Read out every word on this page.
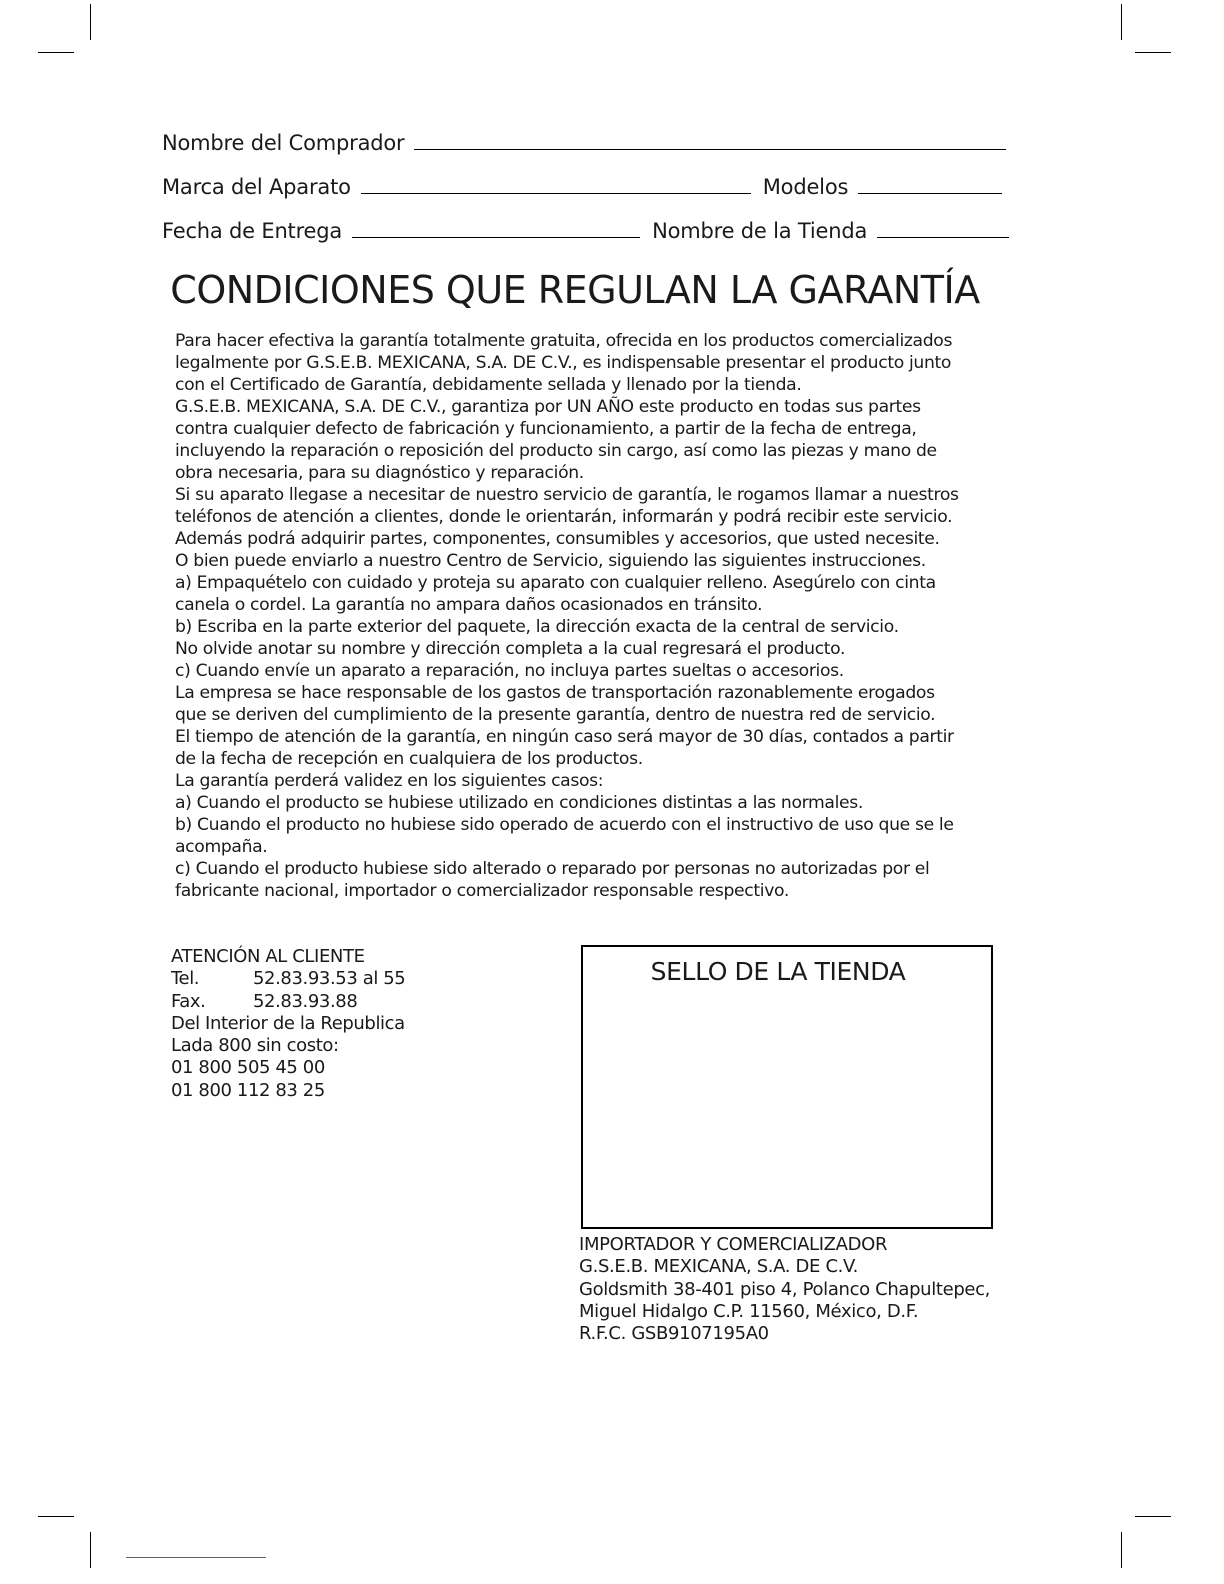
Nombre del Comprador
Marca del Aparato	Modelos
Fecha de Entrega	Nombre de la Tienda
CONDICIONES QUE REGULAN LA GARANTÍA
Para hacer efectiva la garantía totalmente gratuita, ofrecida en los productos comercializados
legalmente por G.S.E.B. MEXICANA, S.A. DE C.V., es indispensable presentar el producto junto
con el Certificado de Garantía, debidamente sellada y llenado por la tienda.
G.S.E.B. MEXICANA, S.A. DE C.V., garantiza por UN AÑO este producto en todas sus partes
contra cualquier defecto de fabricación y funcionamiento, a partir de la fecha de entrega,
incluyendo la reparación o reposición del producto sin cargo, así como las piezas y mano de
obra necesaria, para su diagnóstico y reparación.
Si su aparato llegase a necesitar de nuestro servicio de garantía, le rogamos llamar a nuestros
teléfonos de atención a clientes, donde le orientarán, informarán y podrá recibir este servicio.
Además podrá adquirir partes, componentes, consumibles y accesorios, que usted necesite.
O bien puede enviarlo a nuestro Centro de Servicio, siguiendo las siguientes instrucciones.
a) Empaquételo con cuidado y proteja su aparato con cualquier relleno. Asegúrelo con cinta
canela o cordel. La garantía no ampara daños ocasionados en tránsito.
b) Escriba en la parte exterior del paquete, la dirección exacta de la central de servicio.
No olvide anotar su nombre y dirección completa a la cual regresará el producto.
c) Cuando envíe un aparato a reparación, no incluya partes sueltas o accesorios.
La empresa se hace responsable de los gastos de transportación razonablemente erogados
que se deriven del cumplimiento de la presente garantía, dentro de nuestra red de servicio.
El tiempo de atención de la garantía, en ningún caso será mayor de 30 días, contados a partir
de la fecha de recepción en cualquiera de los productos.
La garantía perderá validez en los siguientes casos:
a) Cuando el producto se hubiese utilizado en condiciones distintas a las normales.
b) Cuando el producto no hubiese sido operado de acuerdo con el instructivo de uso que se le
acompaña.
c) Cuando el producto hubiese sido alterado o reparado por personas no autorizadas por el
fabricante nacional, importador o comercializador responsable respectivo.
ATENCIÓN AL CLIENTE
Tel.	52.83.93.53 al 55
Fax.	52.83.93.88
Del Interior de la Republica
Lada 800 sin costo:
01 800 505 45 00
01 800 112 83 25
SELLO DE LA TIENDA
IMPORTADOR Y COMERCIALIZADOR
G.S.E.B. MEXICANA, S.A. DE C.V.
Goldsmith 38-401 piso 4, Polanco Chapultepec,
Miguel Hidalgo C.P. 11560, México, D.F.
R.F.C. GSB9107195A0
